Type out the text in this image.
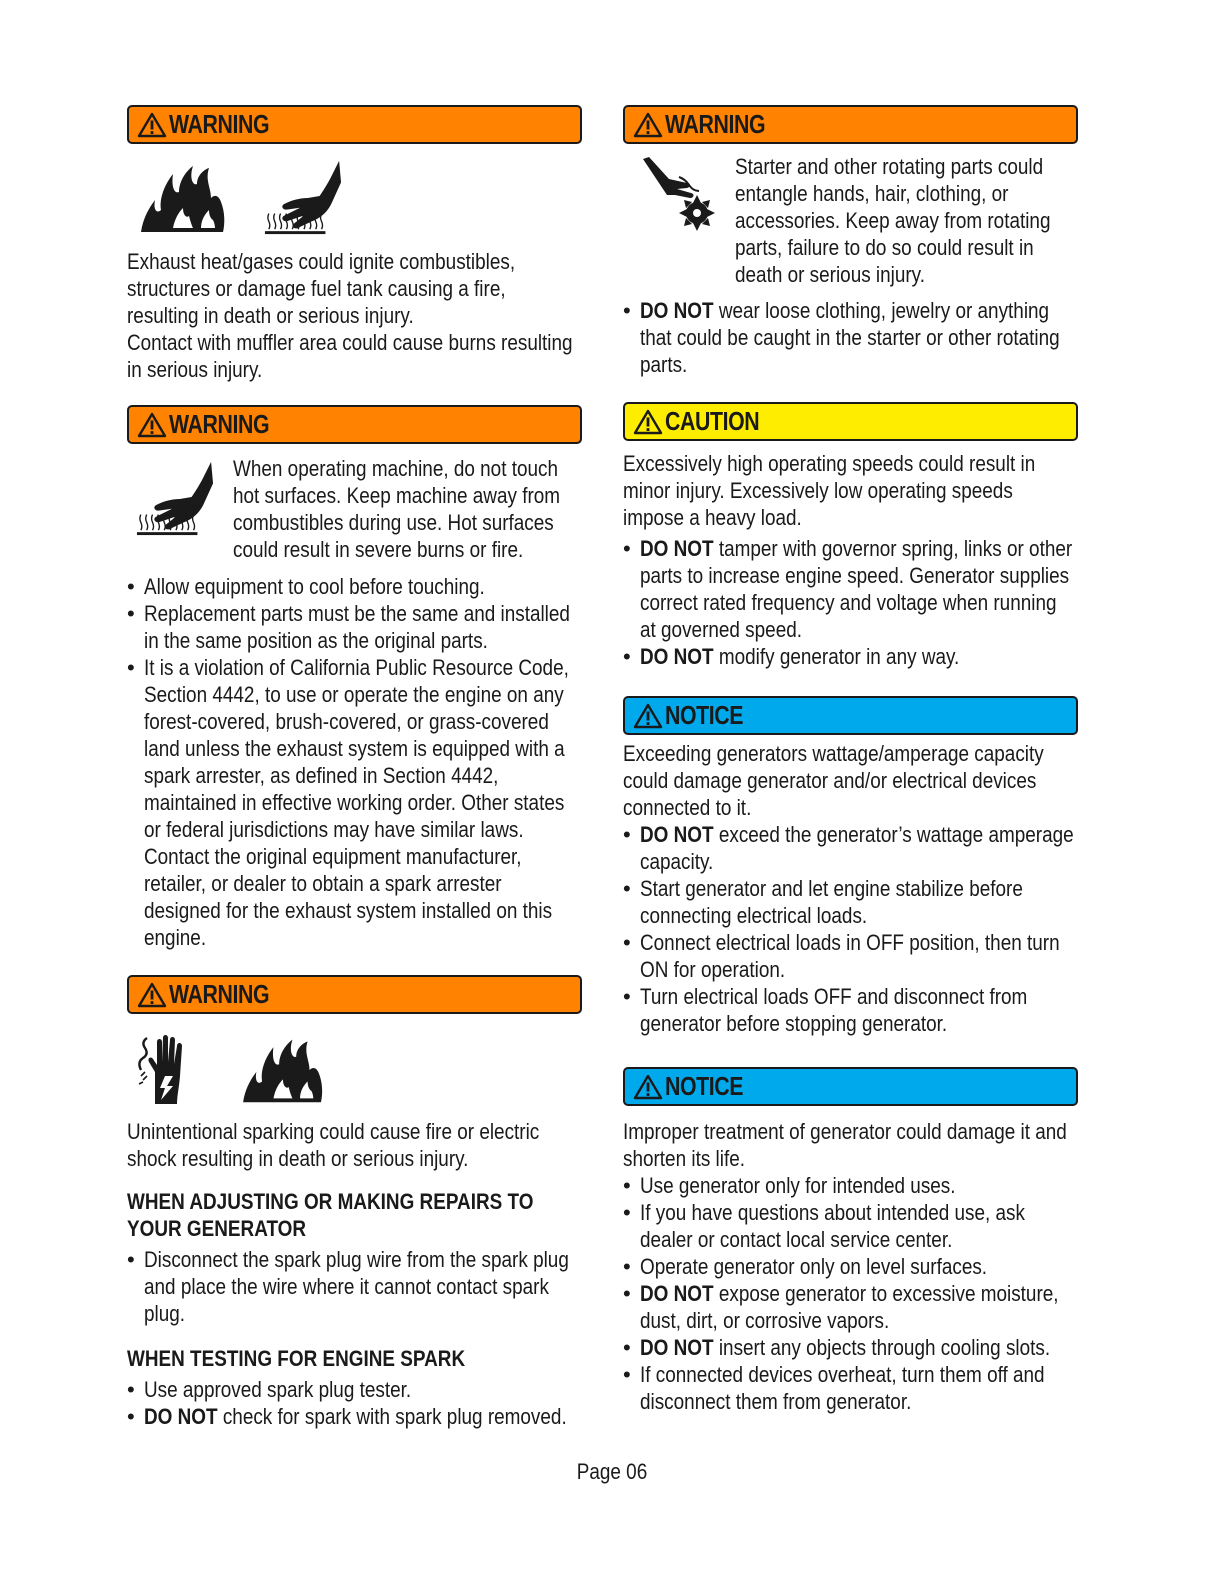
WARNING
Exhaust heat/gases could ignite combustibles, structures or damage fuel tank causing a fire, resulting in death or serious injury. Contact with muffler area could cause burns resulting in serious injury.
WARNING
When operating machine, do not touch hot surfaces. Keep machine away from combustibles during use. Hot surfaces could result in severe burns or fire.
• Allow equipment to cool before touching.
• Replacement parts must be the same and installed in the same position as the original parts.
• It is a violation of California Public Resource Code, Section 4442, to use or operate the engine on any forest-covered, brush-covered, or grass-covered land unless the exhaust system is equipped with a spark arrester, as defined in Section 4442, maintained in effective working order. Other states or federal jurisdictions may have similar laws. Contact the original equipment manufacturer, retailer, or dealer to obtain a spark arrester designed for the exhaust system installed on this engine.
WARNING
Unintentional sparking could cause fire or electric shock resulting in death or serious injury.
WHEN ADJUSTING OR MAKING REPAIRS TO YOUR GENERATOR
• Disconnect the spark plug wire from the spark plug and place the wire where it cannot contact spark plug.
WHEN TESTING FOR ENGINE SPARK
• Use approved spark plug tester.
• DO NOT check for spark with spark plug removed.
WARNING
Starter and other rotating parts could entangle hands, hair, clothing, or accessories. Keep away from rotating parts, failure to do so could result in death or serious injury.
• DO NOT wear loose clothing, jewelry or anything that could be caught in the starter or other rotating parts.
CAUTION
Excessively high operating speeds could result in minor injury. Excessively low operating speeds impose a heavy load.
• DO NOT tamper with governor spring, links or other parts to increase engine speed. Generator supplies correct rated frequency and voltage when running at governed speed.
• DO NOT modify generator in any way.
NOTICE
Exceeding generators wattage/amperage capacity could damage generator and/or electrical devices connected to it.
• DO NOT exceed the generator’s wattage amperage capacity.
• Start generator and let engine stabilize before connecting electrical loads.
• Connect electrical loads in OFF position, then turn ON for operation.
• Turn electrical loads OFF and disconnect from generator before stopping generator.
NOTICE
Improper treatment of generator could damage it and shorten its life.
• Use generator only for intended uses.
• If you have questions about intended use, ask dealer or contact local service center.
• Operate generator only on level surfaces.
• DO NOT expose generator to excessive moisture, dust, dirt, or corrosive vapors.
• DO NOT insert any objects through cooling slots.
• If connected devices overheat, turn them off and disconnect them from generator.
Page 06
